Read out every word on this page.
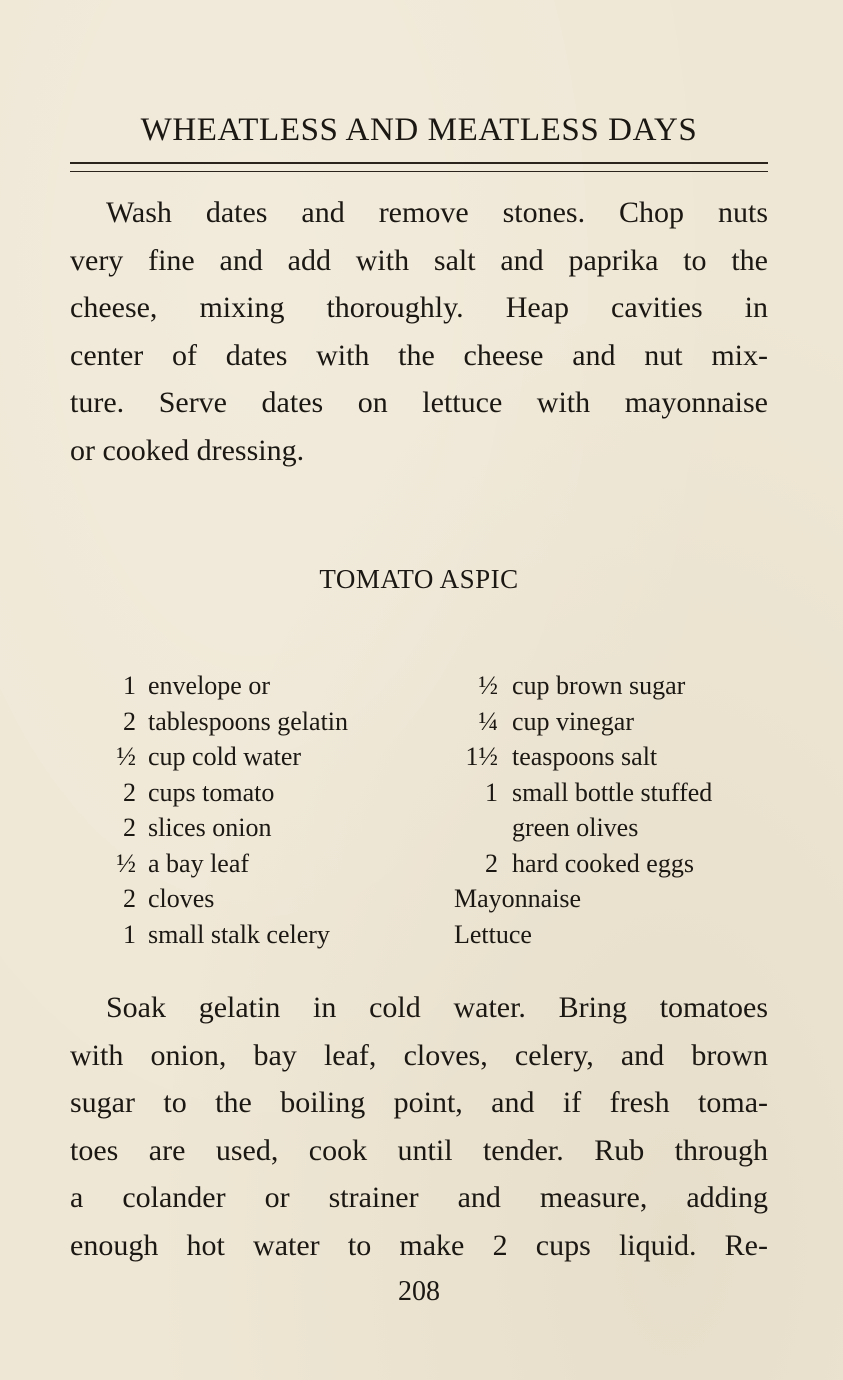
WHEATLESS AND MEATLESS DAYS
Wash dates and remove stones. Chop nuts
very fine and add with salt and paprika to the
cheese, mixing thoroughly. Heap cavities in
center of dates with the cheese and nut mix-
ture. Serve dates on lettuce with mayonnaise
or cooked dressing.
TOMATO ASPIC
1 envelope or
2 tablespoons gelatin
½ cup cold water
2 cups tomato
2 slices onion
½ a bay leaf
2 cloves
1 small stalk celery
½ cup brown sugar
¼ cup vinegar
1½ teaspoons salt
1 small bottle stuffed
green olives
2 hard cooked eggs
Mayonnaise
Lettuce
Soak gelatin in cold water. Bring tomatoes
with onion, bay leaf, cloves, celery, and brown
sugar to the boiling point, and if fresh toma-
toes are used, cook until tender. Rub through
a colander or strainer and measure, adding
enough hot water to make 2 cups liquid. Re-
208
